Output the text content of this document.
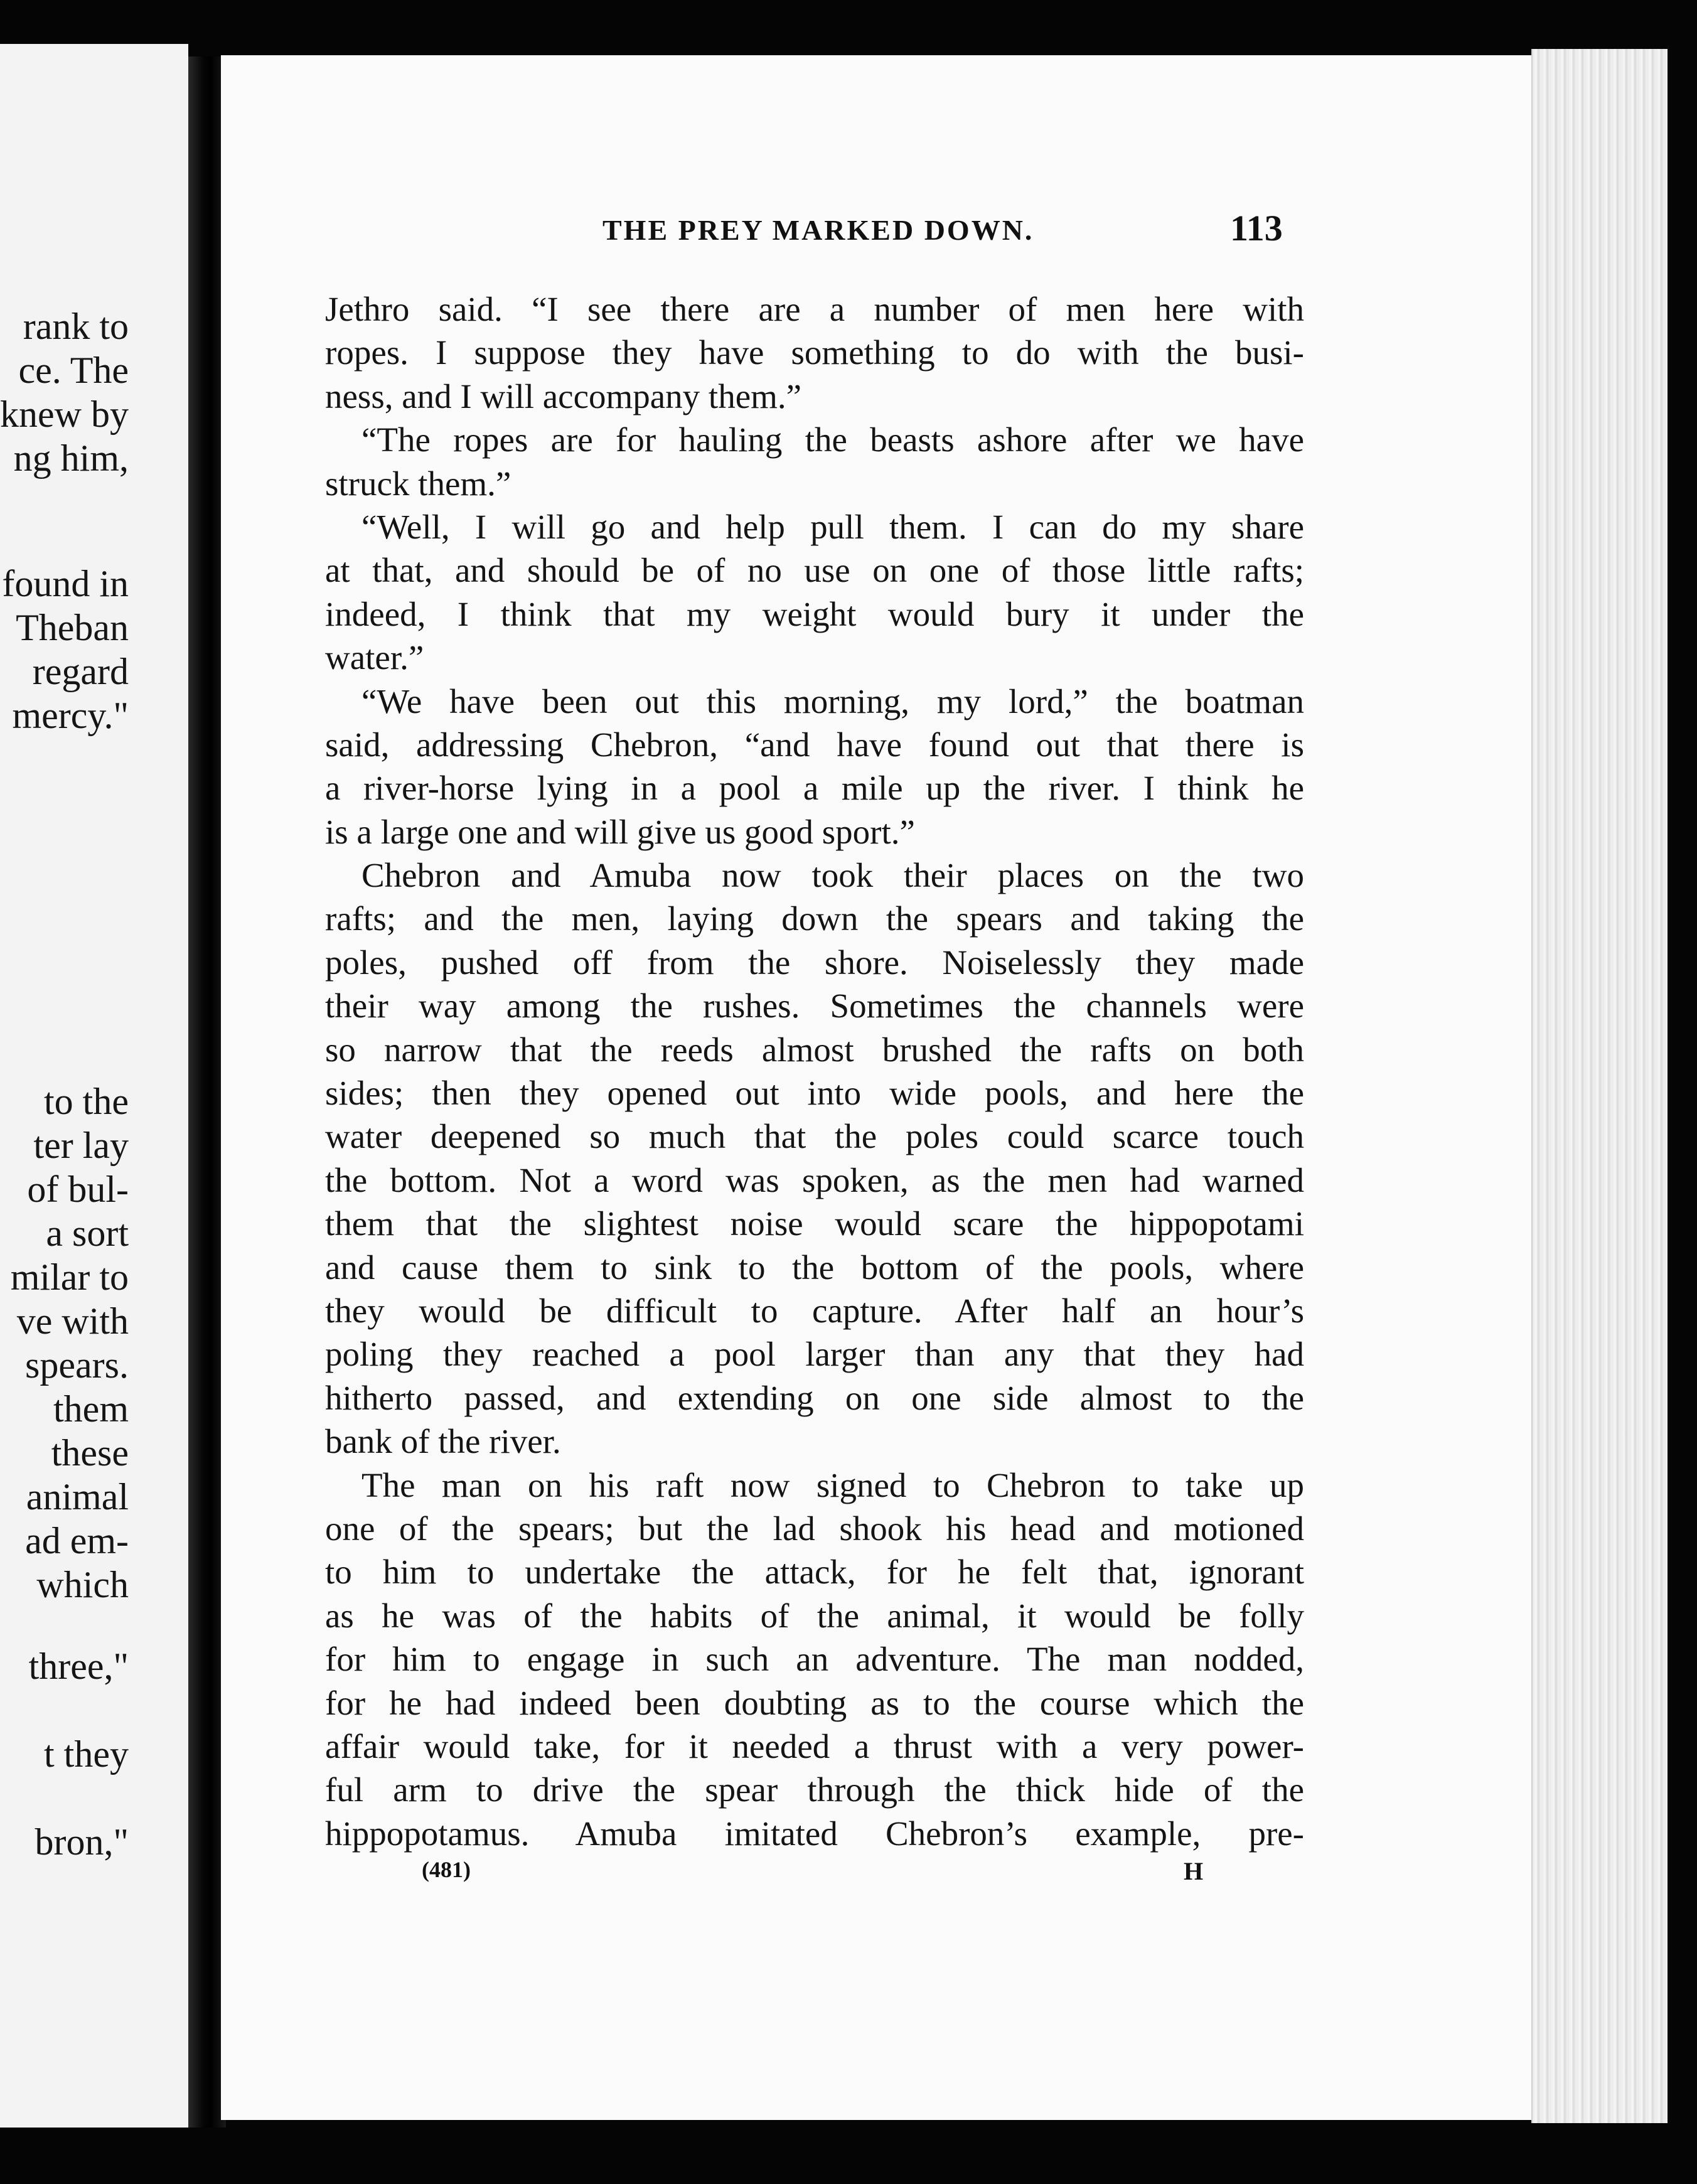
rank to
ce. The
knew by
ng him,
found in
Theban
regard
mercy."
to the
ter lay
of bul-
a sort
milar to
ve with
spears.
them
these
animal
ad em-
which
three,"
t they
bron,"
THE PREY MARKED DOWN.	113
Jethro said. “I see there are a number of men here with
ropes. I suppose they have something to do with the busi-
ness, and I will accompany them.”
“The ropes are for hauling the beasts ashore after we have
struck them.”
“Well, I will go and help pull them. I can do my share
at that, and should be of no use on one of those little rafts;
indeed, I think that my weight would bury it under the
water.”
“We have been out this morning, my lord,” the boatman
said, addressing Chebron, “and have found out that there is
a river-horse lying in a pool a mile up the river. I think he
is a large one and will give us good sport.”
Chebron and Amuba now took their places on the two
rafts; and the men, laying down the spears and taking the
poles, pushed off from the shore. Noiselessly they made
their way among the rushes. Sometimes the channels were
so narrow that the reeds almost brushed the rafts on both
sides; then they opened out into wide pools, and here the
water deepened so much that the poles could scarce touch
the bottom. Not a word was spoken, as the men had warned
them that the slightest noise would scare the hippopotami
and cause them to sink to the bottom of the pools, where
they would be difficult to capture. After half an hour’s
poling they reached a pool larger than any that they had
hitherto passed, and extending on one side almost to the
bank of the river.
The man on his raft now signed to Chebron to take up
one of the spears; but the lad shook his head and motioned
to him to undertake the attack, for he felt that, ignorant
as he was of the habits of the animal, it would be folly
for him to engage in such an adventure. The man nodded,
for he had indeed been doubting as to the course which the
affair would take, for it needed a thrust with a very power-
ful arm to drive the spear through the thick hide of the
hippopotamus. Amuba imitated Chebron’s example, pre-
(481)	H
